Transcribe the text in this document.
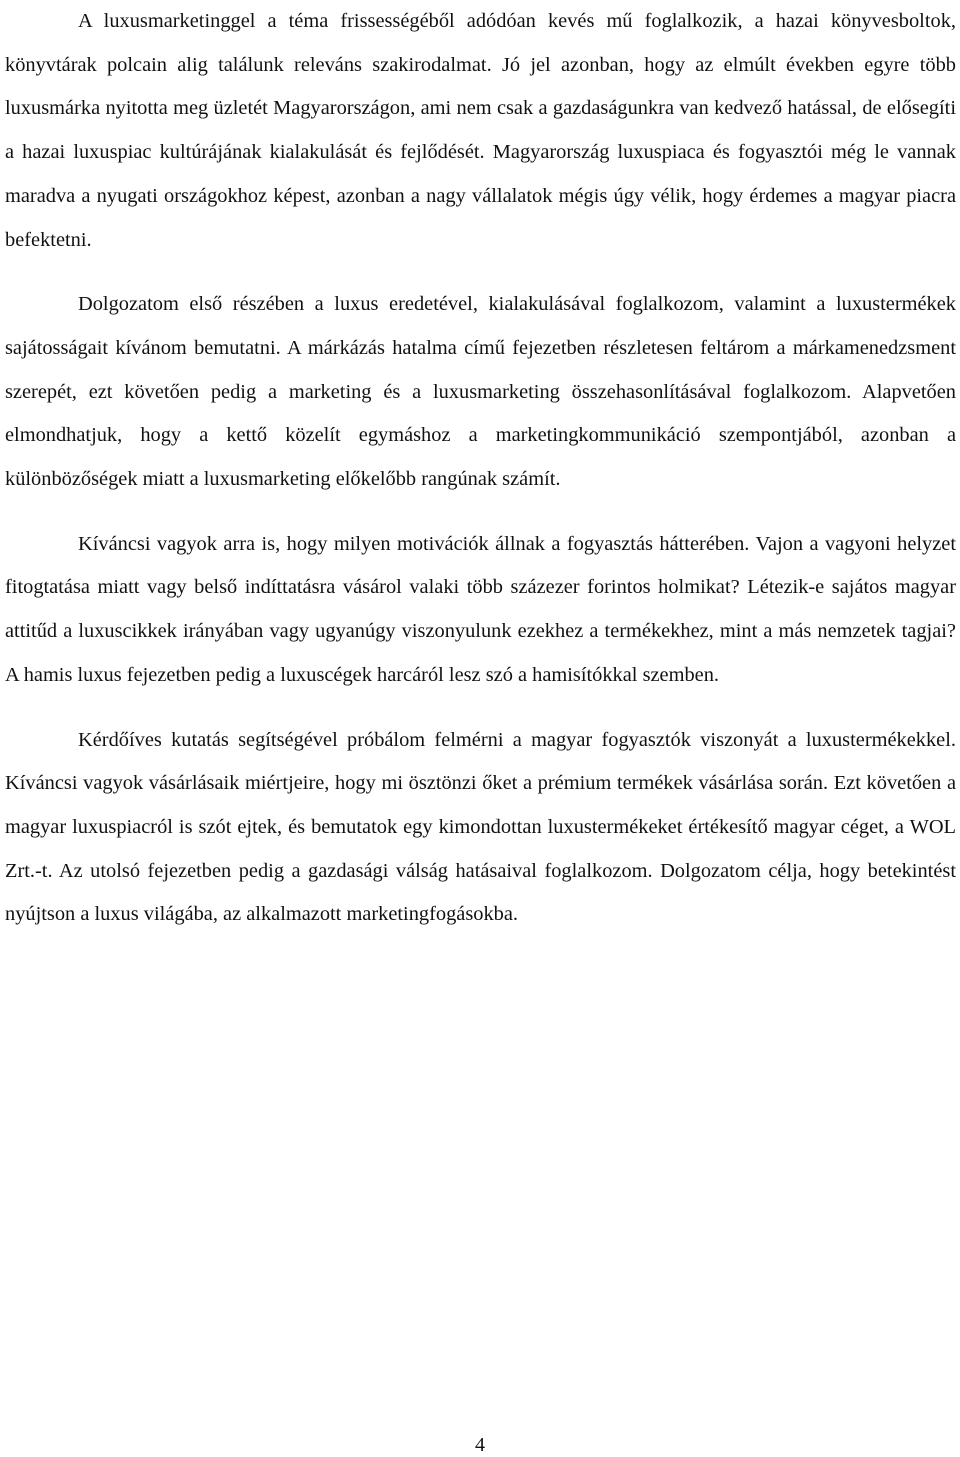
A luxusmarketinggel a téma frissességéből adódóan kevés mű foglalkozik, a hazai könyvesboltok, könyvtárak polcain alig találunk releváns szakirodalmat. Jó jel azonban, hogy az elmúlt években egyre több luxusmárka nyitotta meg üzletét Magyarországon, ami nem csak a gazdaságunkra van kedvező hatással, de elősegíti a hazai luxuspiac kultúrájának kialakulását és fejlődését. Magyarország luxuspiaca és fogyasztói még le vannak maradva a nyugati országokhoz képest, azonban a nagy vállalatok mégis úgy vélik, hogy érdemes a magyar piacra befektetni.

Dolgozatom első részében a luxus eredetével, kialakulásával foglalkozom, valamint a luxustermékek sajátosságait kívánom bemutatni. A márkázás hatalma című fejezetben részletesen feltárom a márkamenedzsment szerepét, ezt követően pedig a marketing és a luxusmarketing összehasonlításával foglalkozom. Alapvetően elmondhatjuk, hogy a kettő közelít egymáshoz a marketingkommunikáció szempontjából, azonban a különbözőségek miatt a luxusmarketing előkelőbb rangúnak számít.

Kíváncsi vagyok arra is, hogy milyen motivációk állnak a fogyasztás hátterében. Vajon a vagyoni helyzet fitogtatása miatt vagy belső indíttatásra vásárol valaki több százezer forintos holmikat? Létezik-e sajátos magyar attitűd a luxuscikkek irányában vagy ugyanúgy viszonyulunk ezekhez a termékekhez, mint a más nemzetek tagjai? A hamis luxus fejezetben pedig a luxuscégek harcáról lesz szó a hamisítókkal szemben.

Kérdőíves kutatás segítségével próbálom felmérni a magyar fogyasztók viszonyát a luxustermékekkel. Kíváncsi vagyok vásárlásaik miértjeire, hogy mi ösztönzi őket a prémium termékek vásárlása során. Ezt követően a magyar luxuspiacról is szót ejtek, és bemutatok egy kimondottan luxustermékeket értékesítő magyar céget, a WOL Zrt.-t. Az utolsó fejezetben pedig a gazdasági válság hatásaival foglalkozom. Dolgozatom célja, hogy betekintést nyújtson a luxus világába, az alkalmazott marketingfogásokba.

4
